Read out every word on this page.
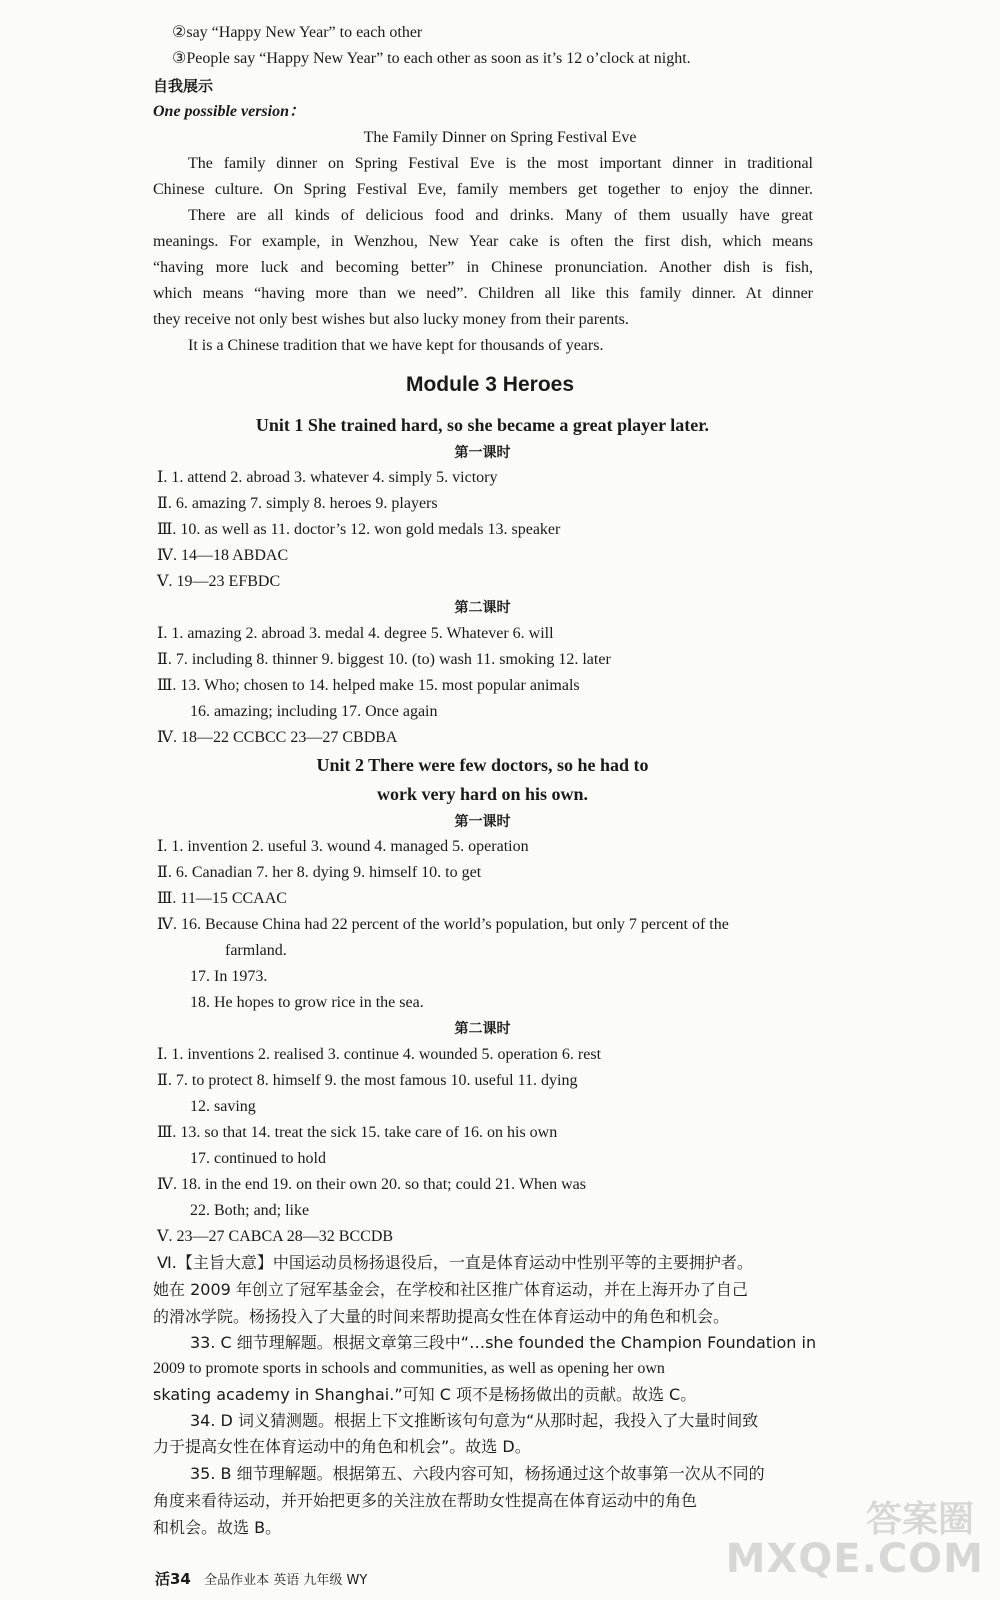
②say “Happy New Year” to each other
③People say “Happy New Year” to each other as soon as it’s 12 o’clock at night.
自我展示
One possible version：
The Family Dinner on Spring Festival Eve
The family dinner on Spring Festival Eve is the most important dinner in traditional
Chinese culture. On Spring Festival Eve, family members get together to enjoy the dinner.
There are all kinds of delicious food and drinks. Many of them usually have great
meanings. For example, in Wenzhou, New Year cake is often the first dish, which means
“having more luck and becoming better” in Chinese pronunciation. Another dish is fish,
which means “having more than we need”. Children all like this family dinner. At dinner
they receive not only best wishes but also lucky money from their parents.
It is a Chinese tradition that we have kept for thousands of years.
Module 3 Heroes
Unit 1 She trained hard, so she became a great player later.
第一课时
Ⅰ. 1. attend 2. abroad 3. whatever 4. simply 5. victory
Ⅱ. 6. amazing 7. simply 8. heroes 9. players
Ⅲ. 10. as well as 11. doctor’s 12. won gold medals 13. speaker
Ⅳ. 14—18 ABDAC
Ⅴ. 19—23 EFBDC
第二课时
Ⅰ. 1. amazing 2. abroad 3. medal 4. degree 5. Whatever 6. will
Ⅱ. 7. including 8. thinner 9. biggest 10. (to) wash 11. smoking 12. later
Ⅲ. 13. Who; chosen to 14. helped make 15. most popular animals
16. amazing; including 17. Once again
Ⅳ. 18—22 CCBCC 23—27 CBDBA
Unit 2 There were few doctors, so he had to
work very hard on his own.
第一课时
Ⅰ. 1. invention 2. useful 3. wound 4. managed 5. operation
Ⅱ. 6. Canadian 7. her 8. dying 9. himself 10. to get
Ⅲ. 11—15 CCAAC
Ⅳ. 16. Because China had 22 percent of the world’s population, but only 7 percent of the
farmland.
17. In 1973.
18. He hopes to grow rice in the sea.
第二课时
Ⅰ. 1. inventions 2. realised 3. continue 4. wounded 5. operation 6. rest
Ⅱ. 7. to protect 8. himself 9. the most famous 10. useful 11. dying
12. saving
Ⅲ. 13. so that 14. treat the sick 15. take care of 16. on his own
17. continued to hold
Ⅳ. 18. in the end 19. on their own 20. so that; could 21. When was
22. Both; and; like
Ⅴ. 23—27 CABCA 28—32 BCCDB
Ⅵ.【主旨大意】中国运动员杨扬退役后，一直是体育运动中性别平等的主要拥护者。
她在 2009 年创立了冠军基金会，在学校和社区推广体育运动，并在上海开办了自己
的滑冰学院。杨扬投入了大量的时间来帮助提高女性在体育运动中的角色和机会。
33. C 细节理解题。根据文章第三段中“…she founded the Champion Foundation in
2009 to promote sports in schools and communities, as well as opening her own
skating academy in Shanghai.”可知 C 项不是杨扬做出的贡献。故选 C。
34. D 词义猜测题。根据上下文推断该句句意为“从那时起，我投入了大量时间致
力于提高女性在体育运动中的角色和机会”。故选 D。
35. B 细节理解题。根据第五、六段内容可知，杨扬通过这个故事第一次从不同的
角度来看待运动，并开始把更多的关注放在帮助女性提高在体育运动中的角色
和机会。故选 B。
活34 全品作业本 英语 九年级 WY
答案圈
MXQE.COM
